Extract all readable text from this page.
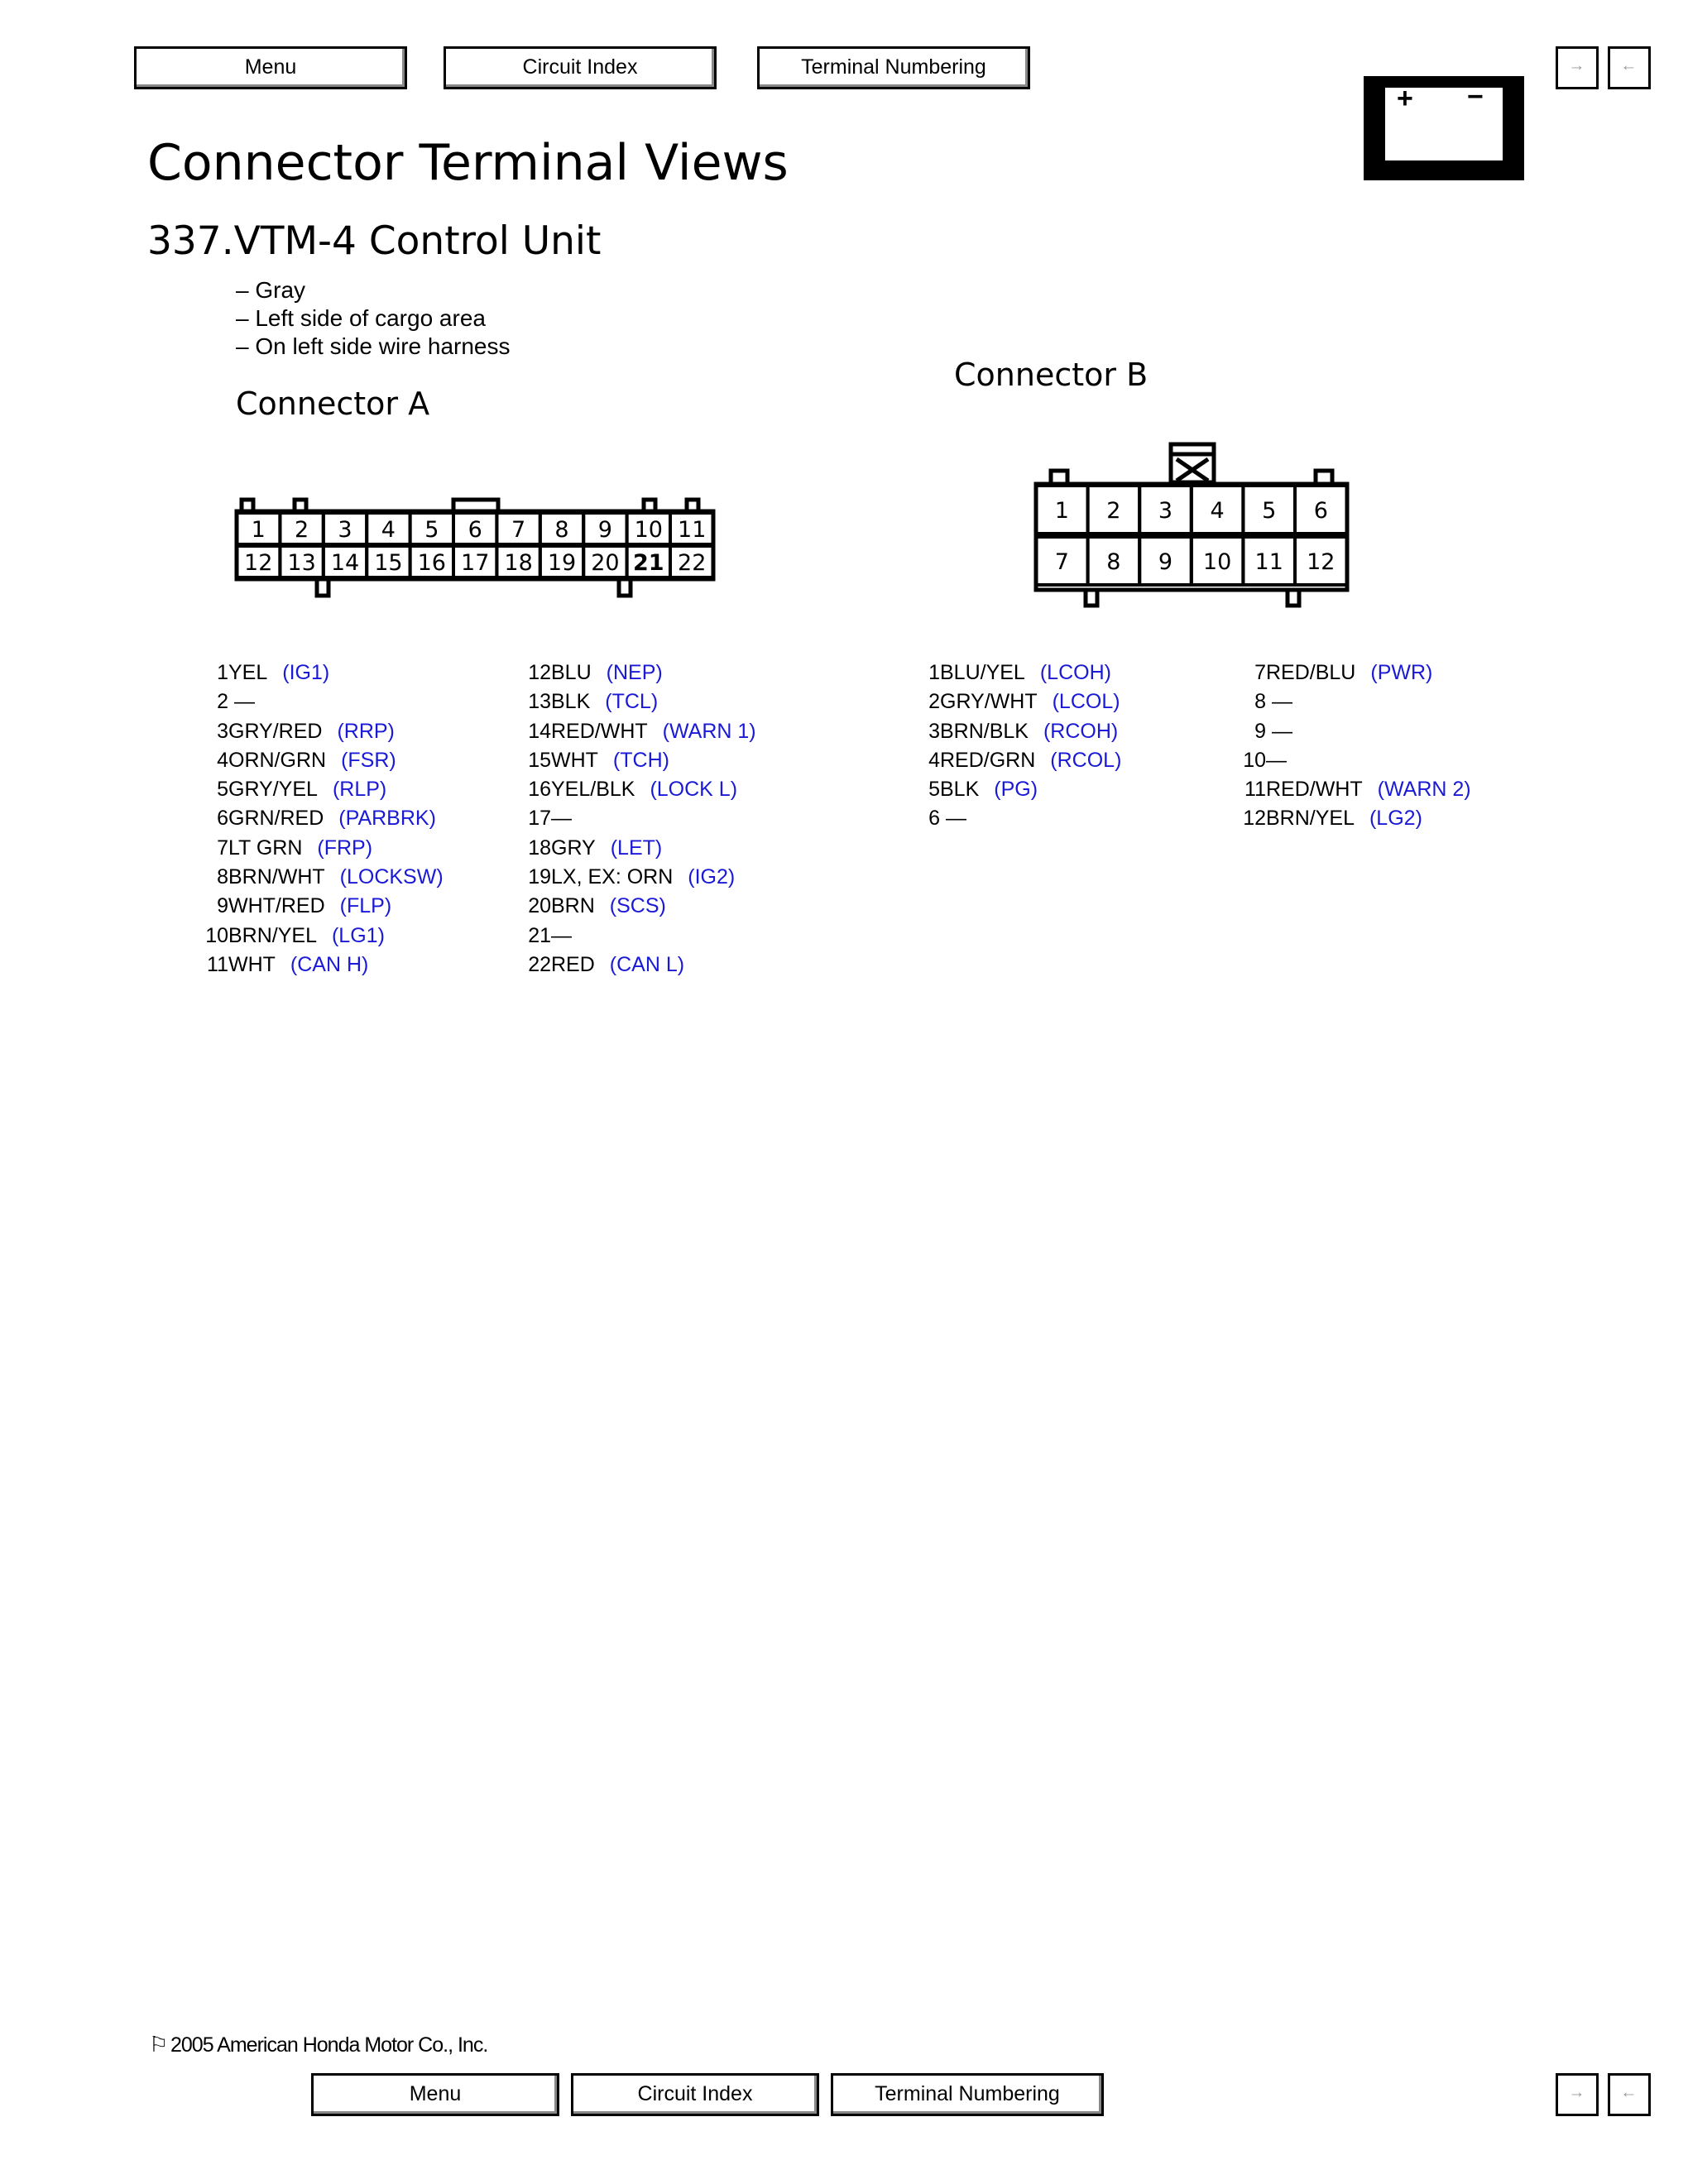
Menu	Circuit Index	Terminal Numbering	↑	↓
+ −
Connector Terminal Views
337.VTM-4 Control Unit
– Gray
– Left side of cargo area
– On left side wire harness
Connector A
Connector B
1 2 3 4 5 6 7 8 9 10 11
12 13 14 15 16 17 18 19 20 21 22
1 2 3 4 5 6
7 8 9 10 11 12
1YEL (IG1)
2 —
3GRY/RED (RRP)
4ORN/GRN (FSR)
5GRY/YEL (RLP)
6GRN/RED (PARBRK)
7LT GRN (FRP)
8BRN/WHT (LOCKSW)
9WHT/RED (FLP)
10BRN/YEL (LG1)
11WHT (CAN H)
12BLU (NEP)
13BLK (TCL)
14RED/WHT (WARN 1)
15WHT (TCH)
16YEL/BLK (LOCK L)
17—
18GRY (LET)
19LX, EX: ORN (IG2)
20BRN (SCS)
21—
22RED (CAN L)
1BLU/YEL (LCOH)
2GRY/WHT (LCOL)
3BRN/BLK (RCOH)
4RED/GRN (RCOL)
5BLK (PG)
6 —
7RED/BLU (PWR)
8 —
9 —
10—
11RED/WHT (WARN 2)
12BRN/YEL (LG2)
⚐ 2005 American Honda Motor Co., Inc.
Menu	Circuit Index	Terminal Numbering	↑	↓
